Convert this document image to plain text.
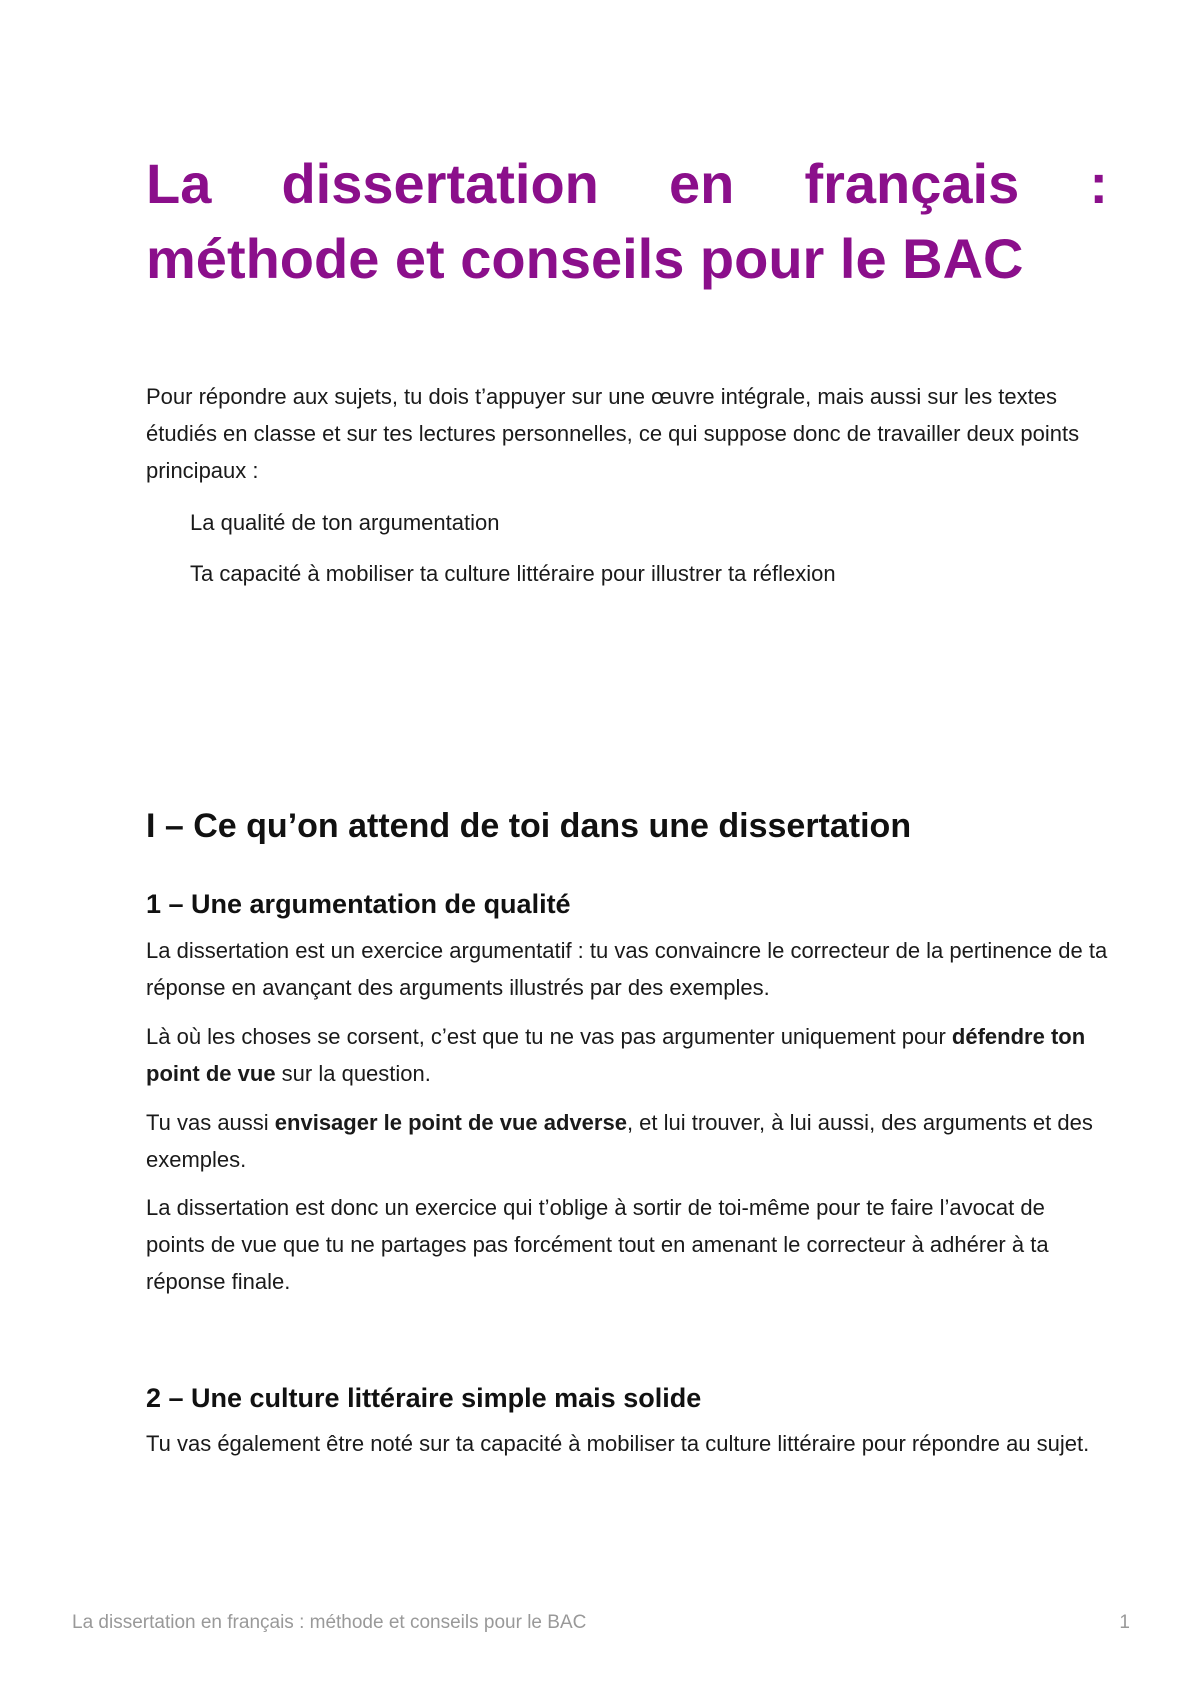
La dissertation en français :
méthode et conseils pour le BAC

Pour répondre aux sujets, tu dois t’appuyer sur une œuvre intégrale, mais aussi sur les textes étudiés en classe et sur tes lectures personnelles, ce qui suppose donc de travailler deux points principaux :

La qualité de ton argumentation
Ta capacité à mobiliser ta culture littéraire pour illustrer ta réflexion
I – Ce qu’on attend de toi dans une dissertation
1 – Une argumentation de qualité

La dissertation est un exercice argumentatif : tu vas convaincre le correcteur de la pertinence de ta réponse en avançant des arguments illustrés par des exemples.

Là où les choses se corsent, c’est que tu ne vas pas argumenter uniquement pour défendre ton point de vue sur la question.

Tu vas aussi envisager le point de vue adverse, et lui trouver, à lui aussi, des arguments et des exemples.

La dissertation est donc un exercice qui t’oblige à sortir de toi-même pour te faire l’avocat de points de vue que tu ne partages pas forcément tout en amenant le correcteur à adhérer à ta réponse finale.

2 – Une culture littéraire simple mais solide

Tu vas également être noté sur ta capacité à mobiliser ta culture littéraire pour répondre au sujet.

La dissertation en français : méthode et conseils pour le BAC	1
